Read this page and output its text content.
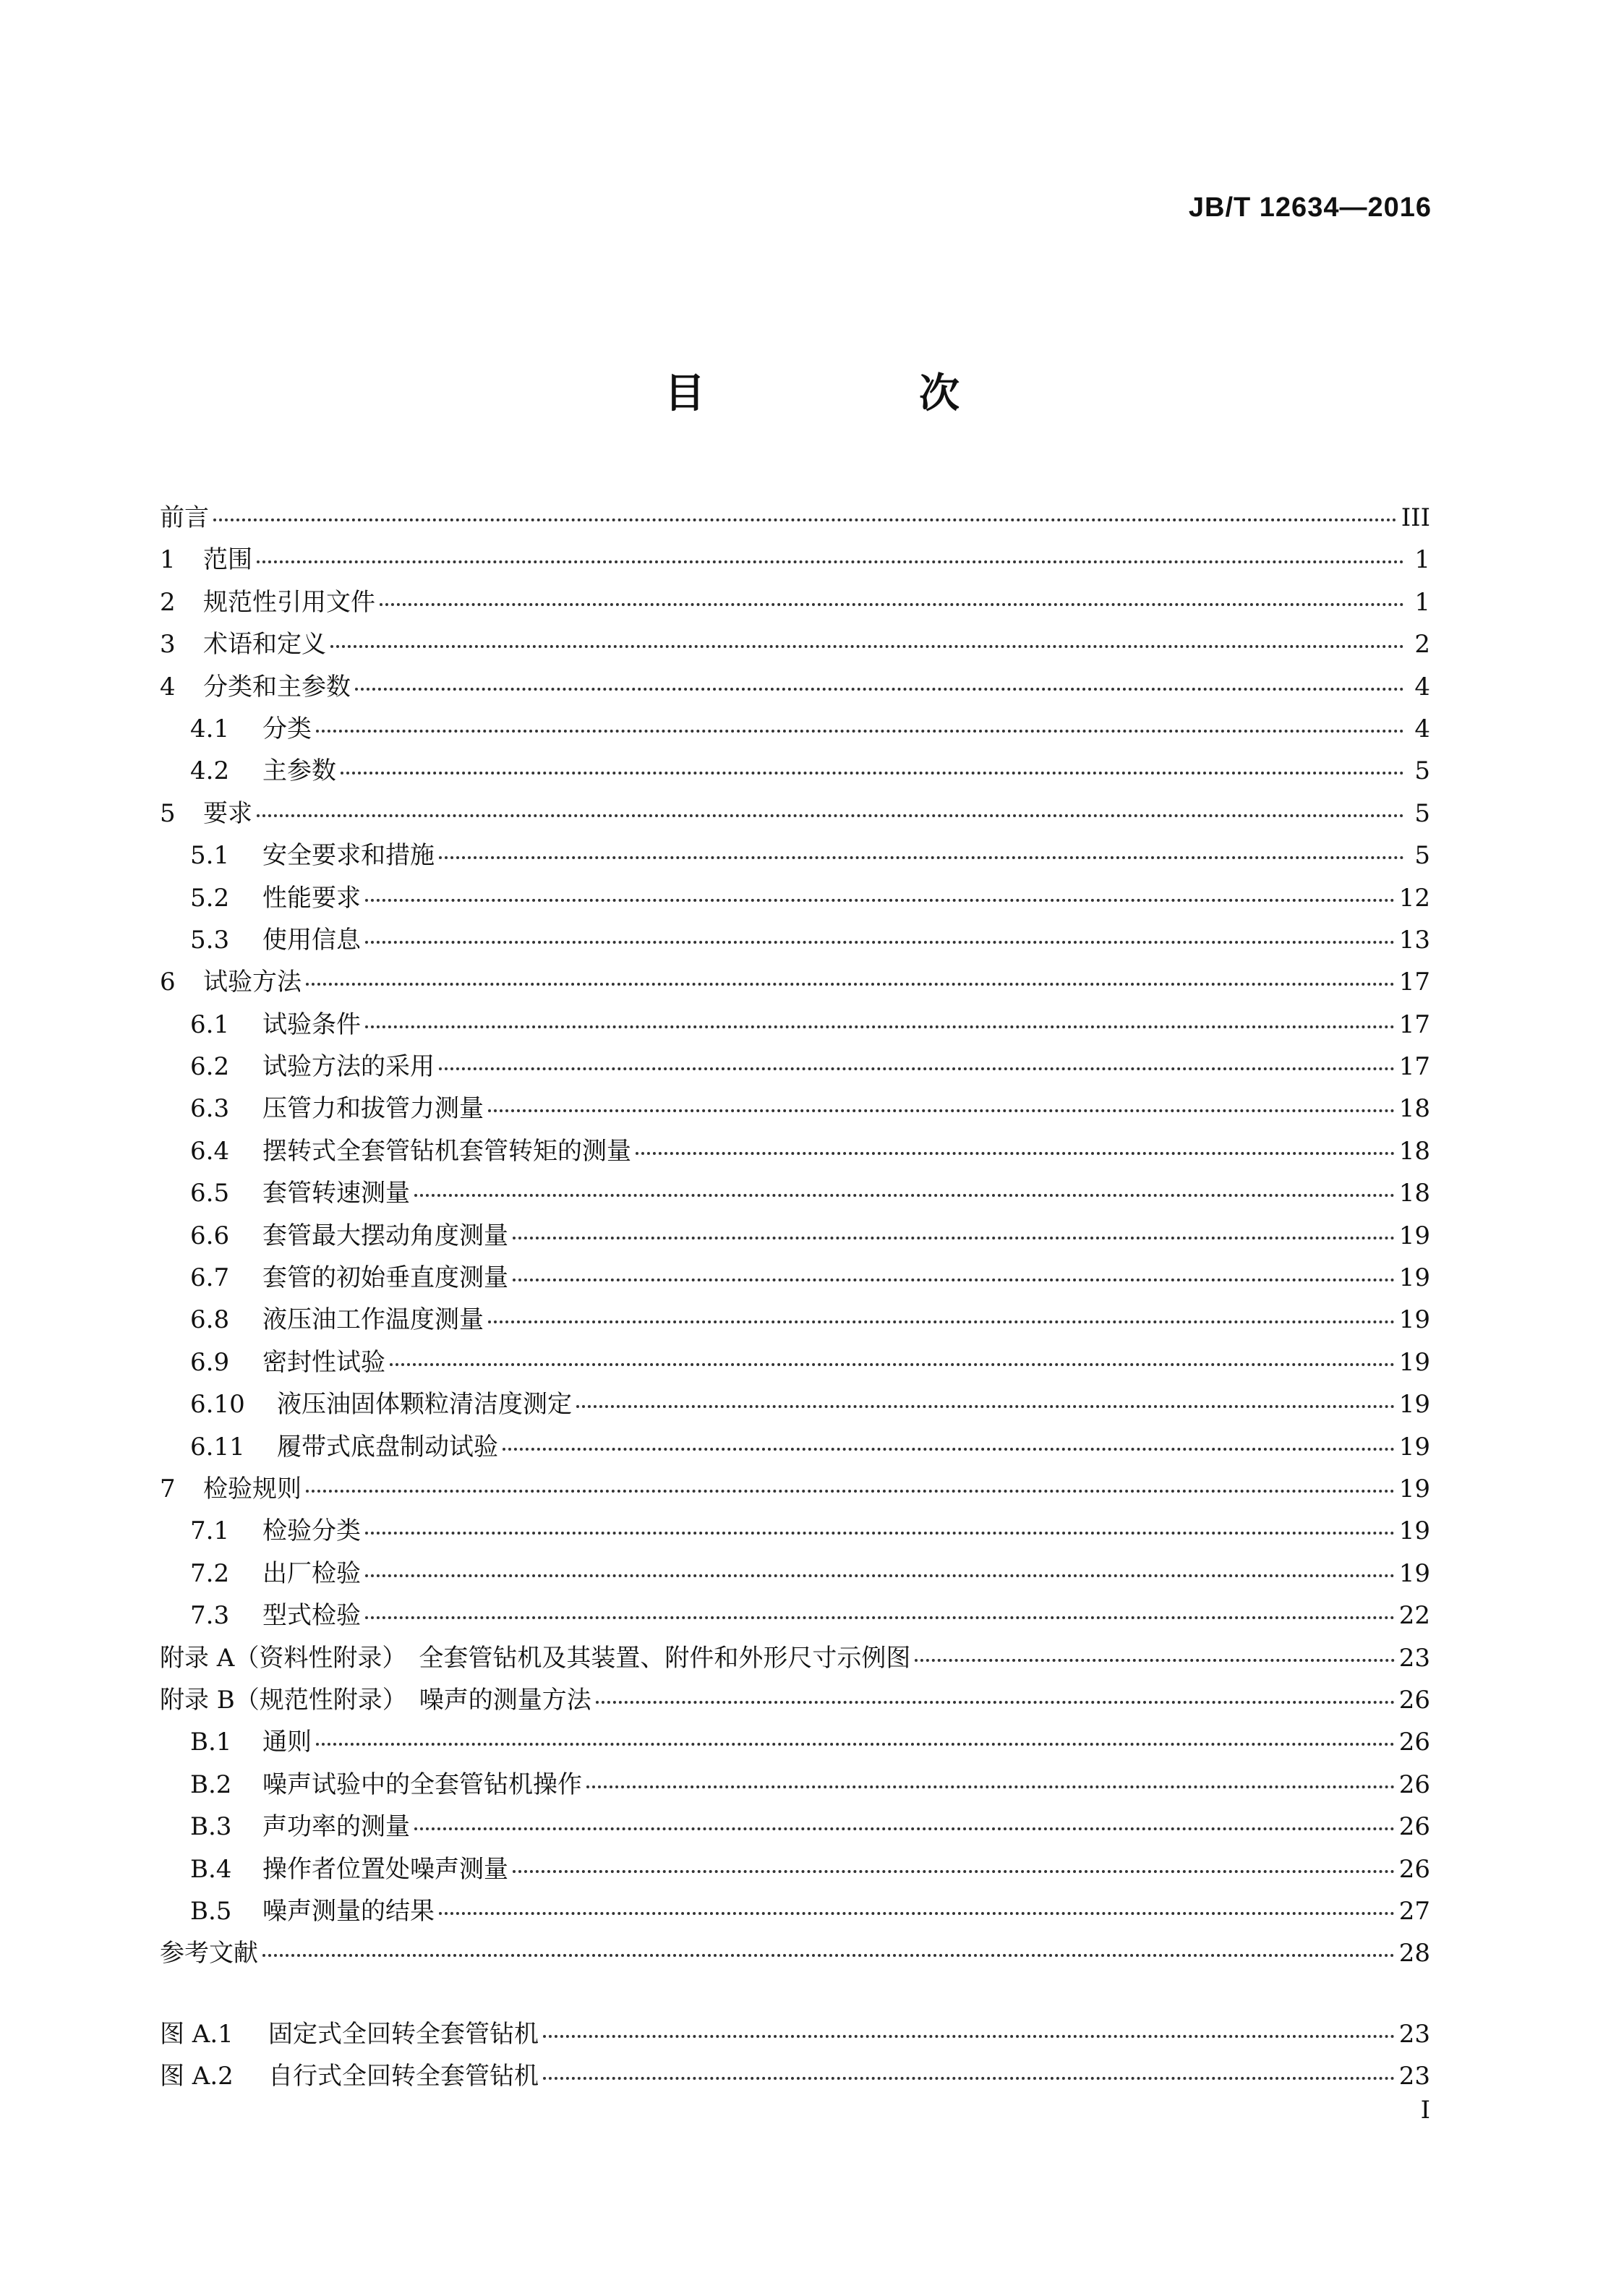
JB/T 12634—2016
目　次
前言	III
1	范围	1
2	规范性引用文件	1
3	术语和定义	2
4	分类和主参数	4
4.1	分类	4
4.2	主参数	5
5	要求	5
5.1	安全要求和措施	5
5.2	性能要求	12
5.3	使用信息	13
6	试验方法	17
6.1	试验条件	17
6.2	试验方法的采用	17
6.3	压管力和拔管力测量	18
6.4	摆转式全套管钻机套管转矩的测量	18
6.5	套管转速测量	18
6.6	套管最大摆动角度测量	19
6.7	套管的初始垂直度测量	19
6.8	液压油工作温度测量	19
6.9	密封性试验	19
6.10	液压油固体颗粒清洁度测定	19
6.11	履带式底盘制动试验	19
7	检验规则	19
7.1	检验分类	19
7.2	出厂检验	19
7.3	型式检验	22
附录 A（资料性附录）　全套管钻机及其装置、附件和外形尺寸示例图	23
附录 B（规范性附录）　噪声的测量方法	26
B.1	通则	26
B.2	噪声试验中的全套管钻机操作	26
B.3	声功率的测量	26
B.4	操作者位置处噪声测量	26
B.5	噪声测量的结果	27
参考文献	28
图 A.1	固定式全回转全套管钻机	23
图 A.2	自行式全回转全套管钻机	23
I
